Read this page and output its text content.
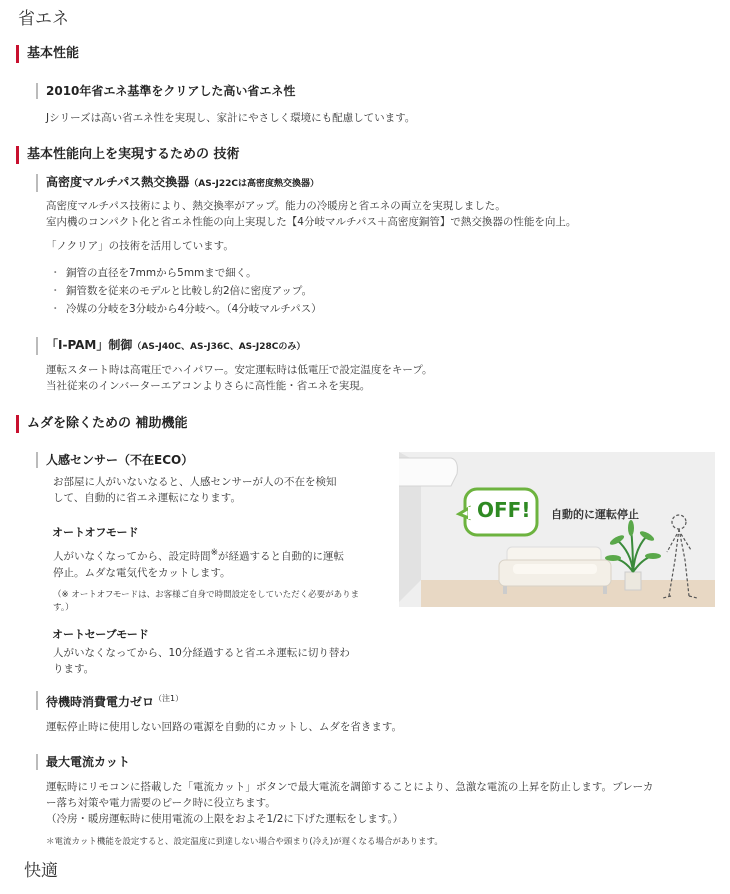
省エネ
基本性能
2010年省エネ基準をクリアした高い省エネ性
Jシリーズは高い省エネ性を実現し、家計にやさしく環境にも配慮しています。
基本性能向上を実現するための 技術
高密度マルチパス熱交換器（AS-J22Cは高密度熱交換器）
高密度マルチパス技術により、熱交換率がアップ。能力の冷暖房と省エネの両立を実現しました。
室内機のコンパクト化と省エネ性能の向上実現した【4分岐マルチパス＋高密度銅管】で熱交換器の性能を向上。
「ノクリア」の技術を活用しています。
・ 銅管の直径を7mmから5mmまで細く。
・ 銅管数を従来のモデルと比較し約2倍に密度アップ。
・ 冷媒の分岐を3分岐から4分岐へ。（4分岐マルチパス）
「I-PAM」制御（AS-J40C、AS-J36C、AS-J28Cのみ）
運転スタート時は高電圧でハイパワー。安定運転時は低電圧で設定温度をキープ。
当社従来のインバーターエアコンよりさらに高性能・省エネを実現。
ムダを除くための 補助機能
人感センサー（不在ECO）
お部屋に人がいないなると、人感センサーが人の不在を検知
して、自動的に省エネ運転になります。
オートオフモード
人がいなくなってから、設定時間※が経過すると自動的に運転
停止。ムダな電気代をカットします。
（※ オートオフモードは、お客様ご自身で時間設定をしていただく必要がありま
す。）
オートセーブモード
人がいなくなってから、10分経過すると省エネ運転に切り替わ
ります。
OFF! 自動的に運転停止
待機時消費電力ゼロ$^{(注1)}$
運転停止時に使用しない回路の電源を自動的にカットし、ムダを省きます。
最大電流カット
運転時にリモコンに搭載した「電流カット」ボタンで最大電流を調節することにより、急激な電流の上昇を防止します。ブレーカ
ー落ち対策や電力需要のピーク時に役立ちます。
（冷房・暖房運転時に使用電流の上限をおよそ1/2に下げた運転をします。）
＊電流カット機能を設定すると、設定温度に到達しない場合や頭まり(冷え)が遅くなる場合があります。
快適
